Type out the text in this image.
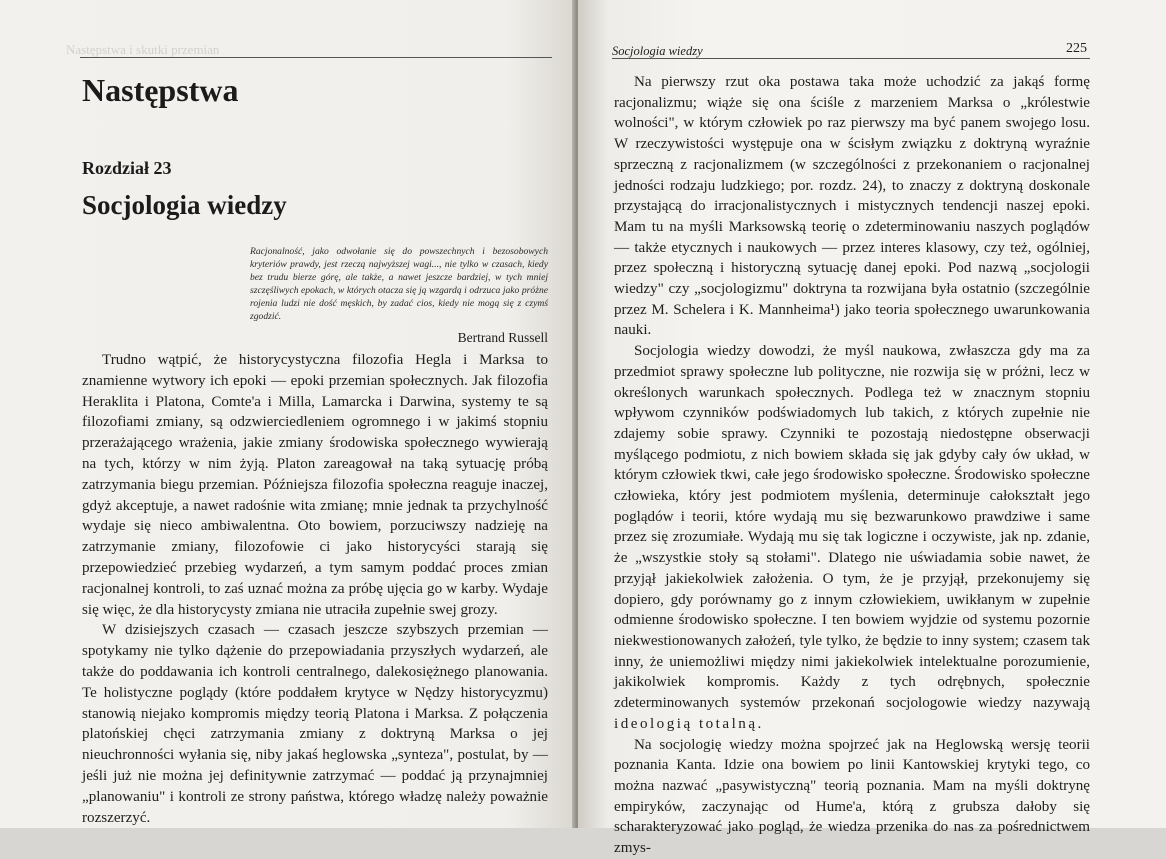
Następstwa i skutki przemian
Następstwa
Rozdział 23
Socjologia wiedzy

Racjonalność, jako odwołanie się do powszechnych i bezosobowych kryteriów prawdy, jest rzeczą najwyższej wagi..., nie tylko w czasach, kiedy bez trudu bierze górę, ale także, a nawet jeszcze bardziej, w tych mniej szczęśliwych epokach, w których otacza się ją wzgardą i odrzuca jako próżne rojenia ludzi nie dość męskich, by zadać cios, kiedy nie mogą się z czymś zgodzić.

Bertrand Russell

Trudno wątpić, że historycystyczna filozofia Hegla i Marksa to znamienne wytwory ich epoki — epoki przemian społecznych. Jak filozofia Heraklita i Platona, Comte'a i Milla, Lamarcka i Darwina, systemy te są filozofiami zmiany, są odzwierciedleniem ogromnego i w jakimś stopniu przerażającego wrażenia, jakie zmiany środowiska społecznego wywierają na tych, którzy w nim żyją. Platon zareagował na taką sytuację próbą zatrzymania biegu przemian. Późniejsza filozofia społeczna reaguje inaczej, gdyż akceptuje, a nawet radośnie wita zmianę; mnie jednak ta przychylność wydaje się nieco ambiwalentna. Oto bowiem, porzuciwszy nadzieję na zatrzymanie zmiany, filozofowie ci jako historycyści starają się przepowiedzieć przebieg wydarzeń, a tym samym poddać proces zmian racjonalnej kontroli, to zaś uznać można za próbę ujęcia go w karby. Wydaje się więc, że dla historycysty zmiana nie utraciła zupełnie swej grozy.

W dzisiejszych czasach — czasach jeszcze szybszych przemian — spotykamy nie tylko dążenie do przepowiadania przyszłych wydarzeń, ale także do poddawania ich kontroli centralnego, dalekosiężnego planowania. Te holistyczne poglądy (które poddałem krytyce w Nędzy historycyzmu) stanowią niejako kompromis między teorią Platona i Marksa. Z połączenia platońskiej chęci zatrzymania zmiany z doktryną Marksa o jej nieuchronności wyłania się, niby jakaś heglowska „synteza", postulat, by — jeśli już nie można jej definitywnie zatrzymać — poddać ją przynajmniej „planowaniu" i kontroli ze strony państwa, którego władzę należy poważnie rozszerzyć.

Socjologia wiedzy	225

Na pierwszy rzut oka postawa taka może uchodzić za jakąś formę racjonalizmu; wiąże się ona ściśle z marzeniem Marksa o „królestwie wolności", w którym człowiek po raz pierwszy ma być panem swojego losu. W rzeczywistości występuje ona w ścisłym związku z doktryną wyraźnie sprzeczną z racjonalizmem (w szczególności z przekonaniem o racjonalnej jedności rodzaju ludzkiego; por. rozdz. 24), to znaczy z doktryną doskonale przystającą do irracjonalistycznych i mistycznych tendencji naszej epoki. Mam tu na myśli Marksowską teorię o zdeterminowaniu naszych poglądów — także etycznych i naukowych — przez interes klasowy, czy też, ogólniej, przez społeczną i historyczną sytuację danej epoki. Pod nazwą „socjologii wiedzy" czy „socjologizmu" doktryna ta rozwijana była ostatnio (szczególnie przez M. Schelera i K. Mannheima¹) jako teoria społecznego uwarunkowania nauki.

Socjologia wiedzy dowodzi, że myśl naukowa, zwłaszcza gdy ma za przedmiot sprawy społeczne lub polityczne, nie rozwija się w próżni, lecz w określonych warunkach społecznych. Podlega też w znacznym stopniu wpływom czynników podświadomych lub takich, z których zupełnie nie zdajemy sobie sprawy. Czynniki te pozostają niedostępne obserwacji myślącego podmiotu, z nich bowiem składa się jak gdyby cały ów układ, w którym człowiek tkwi, całe jego środowisko społeczne. Środowisko społeczne człowieka, który jest podmiotem myślenia, determinuje całokształt jego poglądów i teorii, które wydają mu się bezwarunkowo prawdziwe i same przez się zrozumiałe. Wydają mu się tak logiczne i oczywiste, jak np. zdanie, że „wszystkie stoły są stołami". Dlatego nie uświadamia sobie nawet, że przyjął jakiekolwiek założenia. O tym, że je przyjął, przekonujemy się dopiero, gdy porównamy go z innym człowiekiem, uwikłanym w zupełnie odmienne środowisko społeczne. I ten bowiem wyjdzie od systemu pozornie niekwestionowanych założeń, tyle tylko, że będzie to inny system; czasem tak inny, że uniemożliwi między nimi jakiekolwiek intelektualne porozumienie, jakikolwiek kompromis. Każdy z tych odrębnych, społecznie zdeterminowanych systemów przekonań socjologowie wiedzy nazywają ideologią totalną.

Na socjologię wiedzy można spojrzeć jak na Heglowską wersję teorii poznania Kanta. Idzie ona bowiem po linii Kantowskiej krytyki tego, co można nazwać „pasywistyczną" teorią poznania. Mam na myśli doktrynę empiryków, zaczynając od Hume'a, którą z grubsza dałoby się scharakteryzować jako pogląd, że wiedza przenika do nas za pośrednictwem zmys-
